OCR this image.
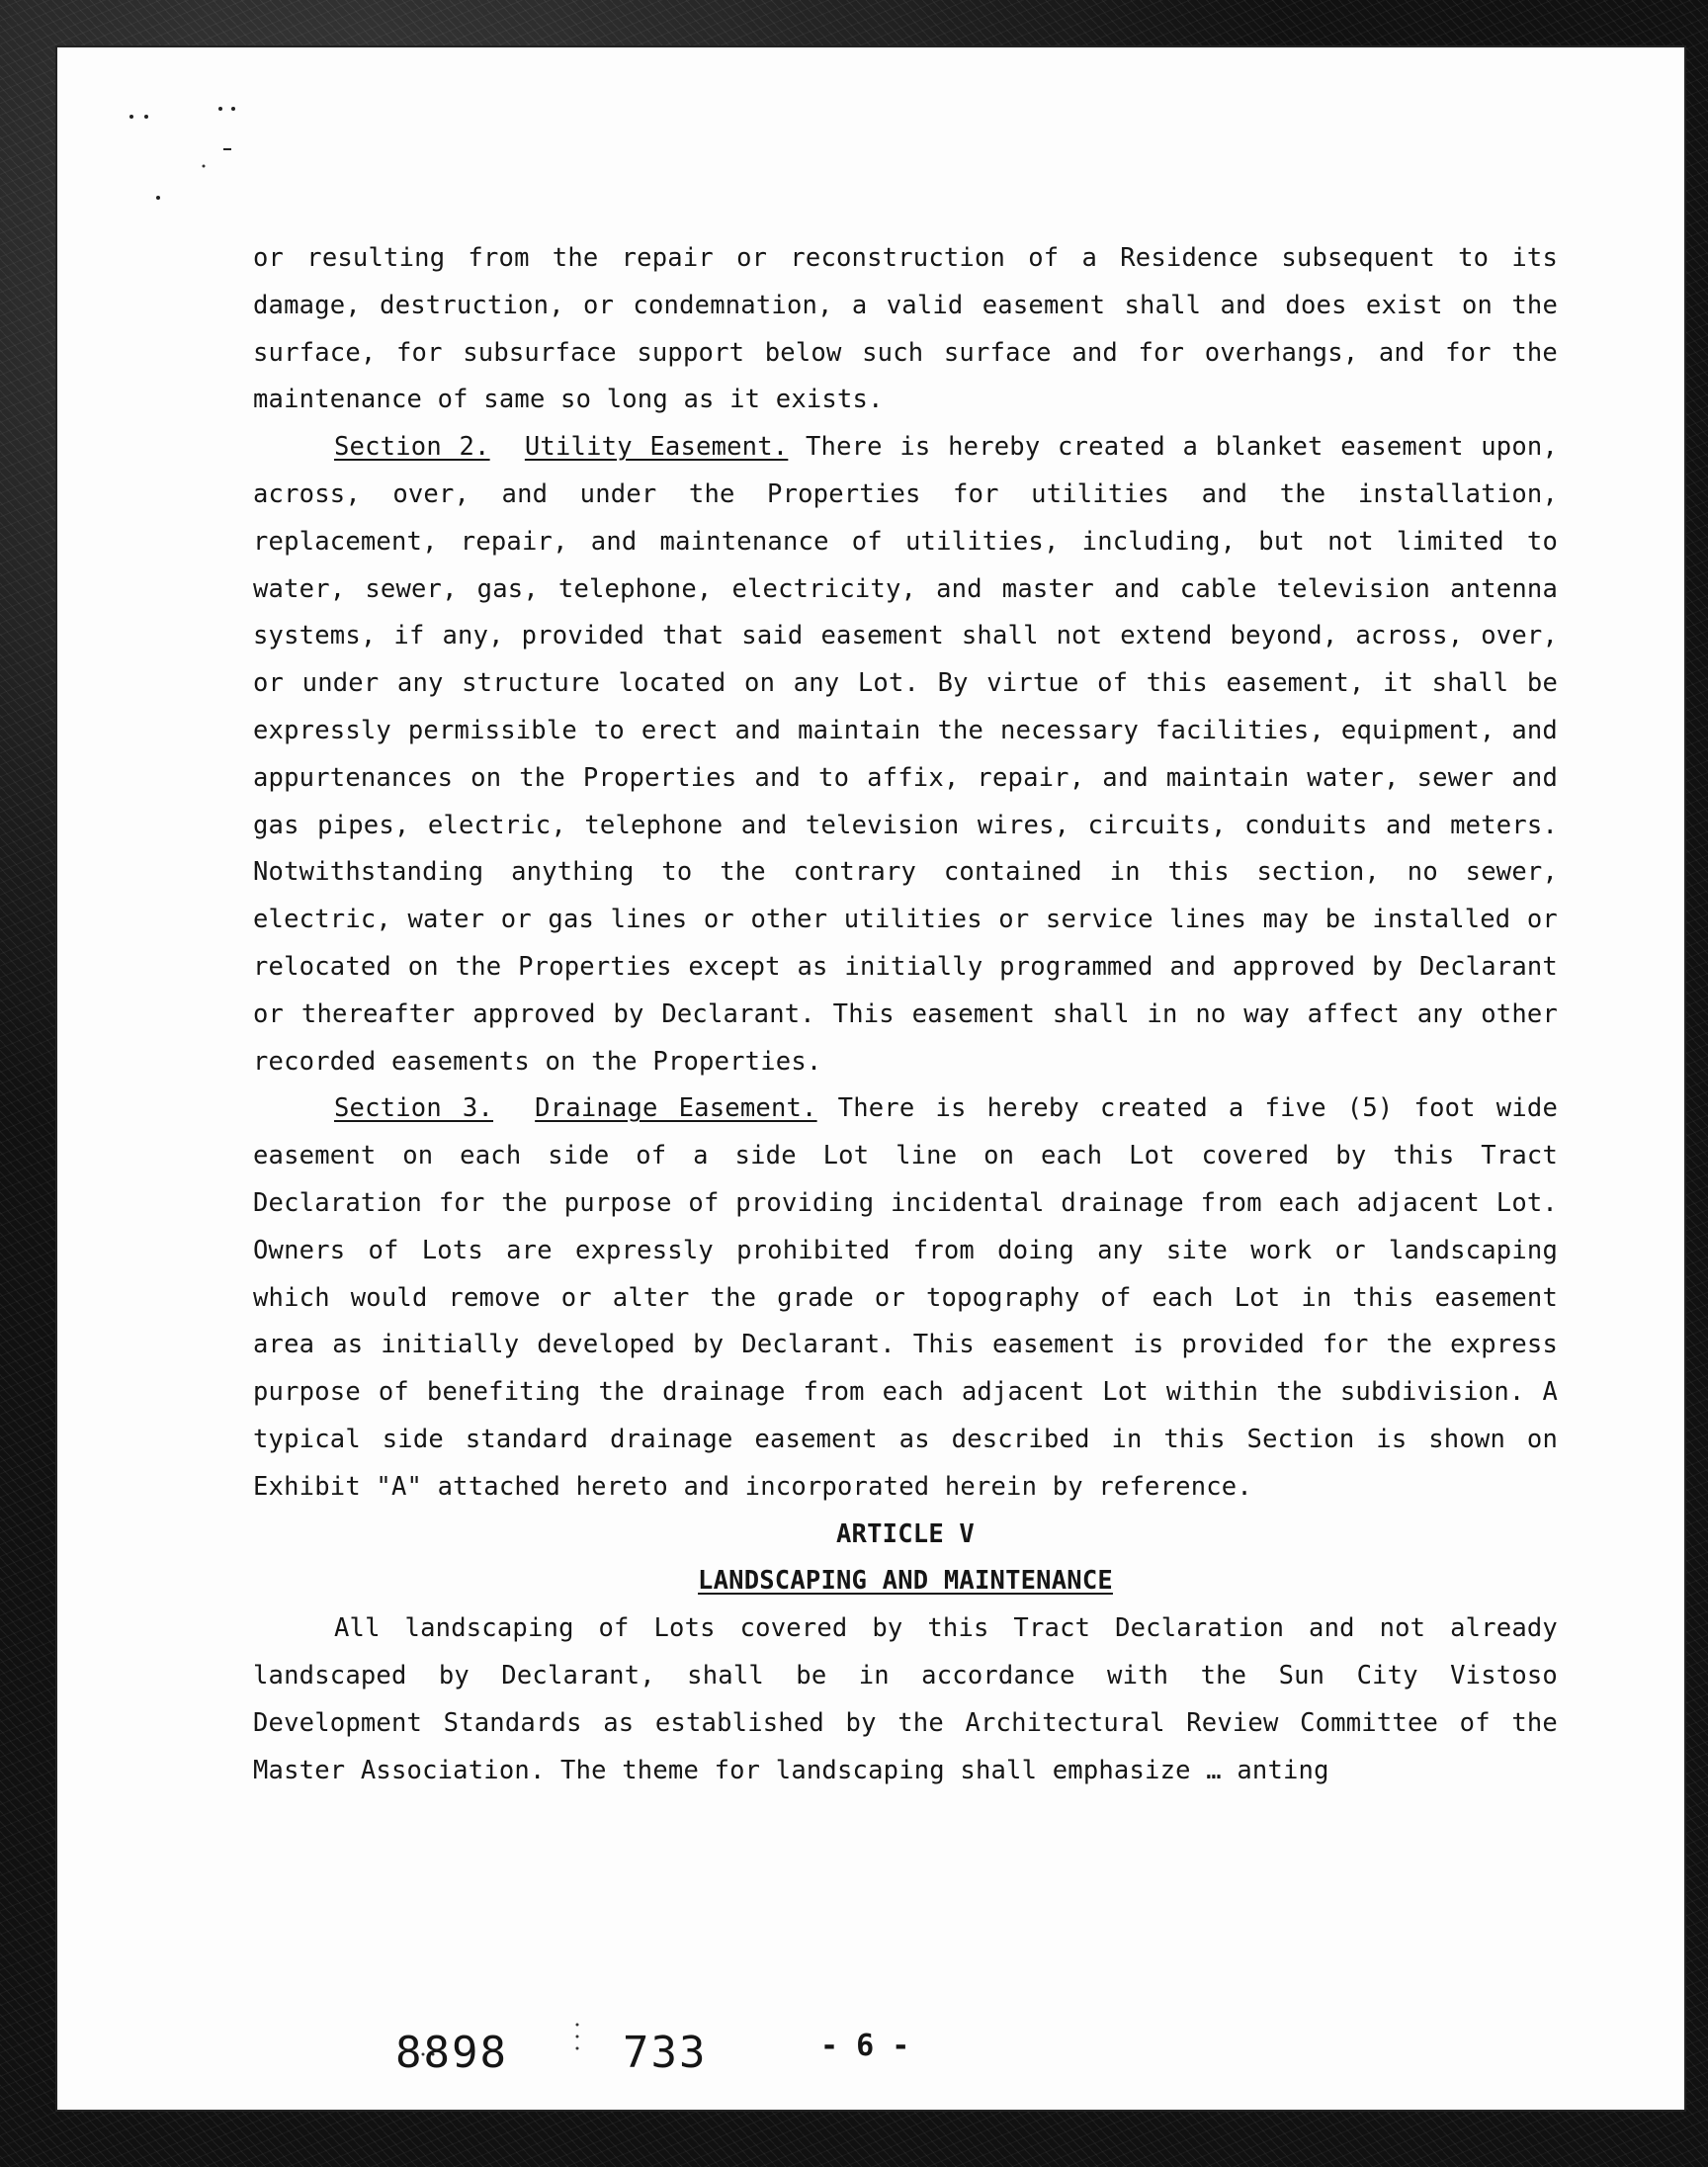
or resulting from the repair or reconstruction of a Residence subsequent to its damage, destruction, or condemnation, a valid easement shall and does exist on the surface, for subsurface support below such surface and for overhangs, and for the maintenance of same so long as it exists.

Section 2. Utility Easement. There is hereby created a blanket easement upon, across, over, and under the Properties for utilities and the installation, replacement, repair, and maintenance of utilities, including, but not limited to water, sewer, gas, telephone, electricity, and master and cable television antenna systems, if any, provided that said easement shall not extend beyond, across, over, or under any structure located on any Lot. By virtue of this easement, it shall be expressly permissible to erect and maintain the necessary facilities, equipment, and appurtenances on the Properties and to affix, repair, and maintain water, sewer and gas pipes, electric, telephone and television wires, circuits, conduits and meters. Notwithstanding anything to the contrary contained in this section, no sewer, electric, water or gas lines or other utilities or service lines may be installed or relocated on the Properties except as initially programmed and approved by Declarant or thereafter approved by Declarant. This easement shall in no way affect any other recorded easements on the Properties.

Section 3. Drainage Easement. There is hereby created a five (5) foot wide easement on each side of a side Lot line on each Lot covered by this Tract Declaration for the purpose of providing incidental drainage from each adjacent Lot. Owners of Lots are expressly prohibited from doing any site work or landscaping which would remove or alter the grade or topography of each Lot in this easement area as initially developed by Declarant. This easement is provided for the express purpose of benefiting the drainage from each adjacent Lot within the subdivision. A typical side standard drainage easement as described in this Section is shown on Exhibit "A" attached hereto and incorporated herein by reference.

ARTICLE V

LANDSCAPING AND MAINTENANCE

All landscaping of Lots covered by this Tract Declaration and not already landscaped by Declarant, shall be in accordance with the Sun City Vistoso Development Standards as established by the Architectural Review Committee of the Master Association. The theme for landscaping shall emphasize … anting

8898	733	- 6 -
